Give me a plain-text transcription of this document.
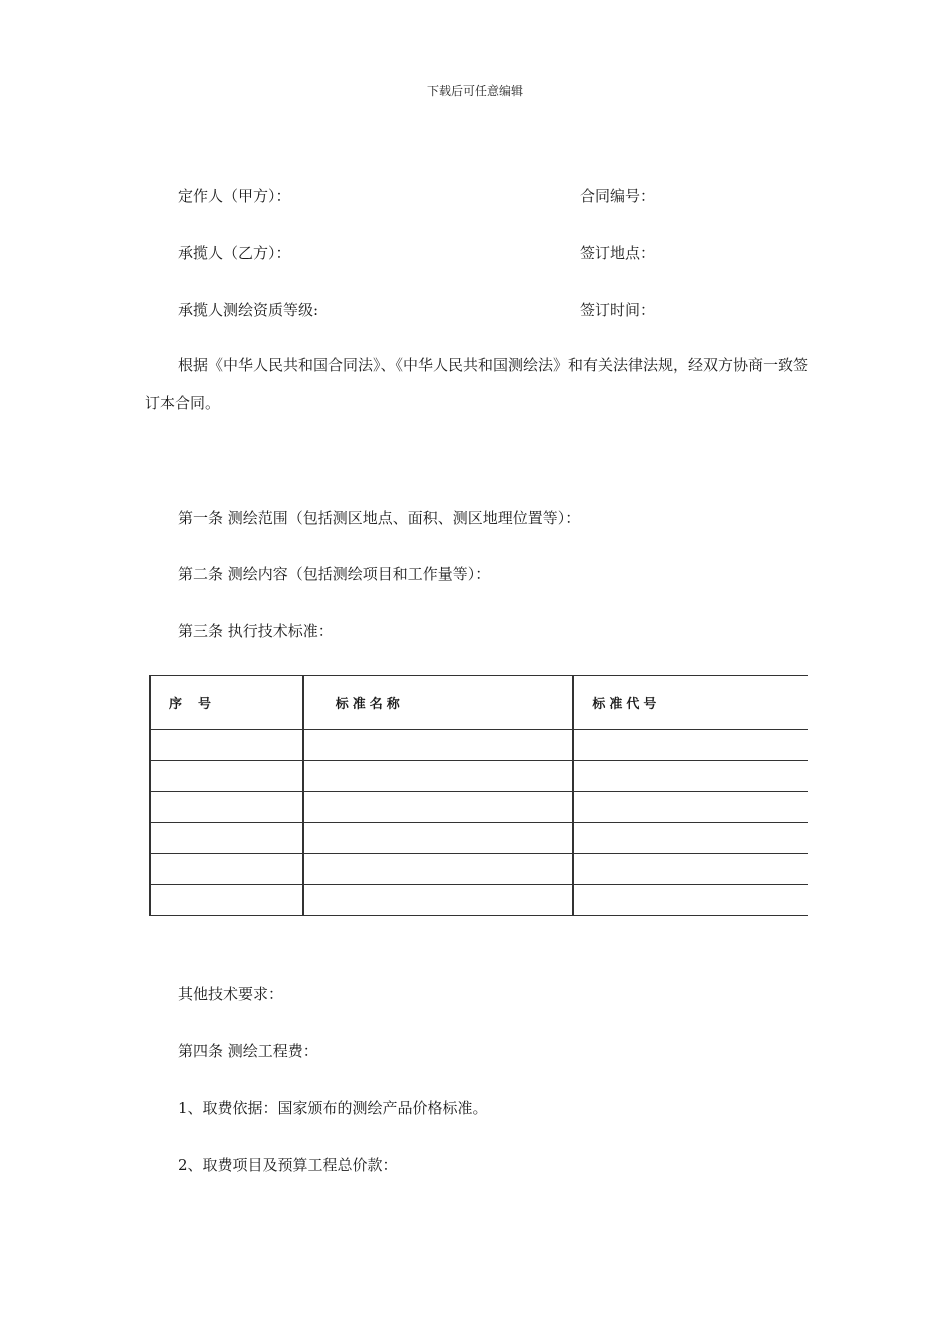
下载后可任意编辑
定作人（甲方）：	合同编号：
承揽人（乙方）：	签订地点：
承揽人测绘资质等级:	签订时间：
根据《中华人民共和国合同法》、《中华人民共和国测绘法》和有关法律法规，经双方协商一致签订本合同。
第一条 测绘范围（包括测区地点、面积、测区地理位置等）：
第二条 测绘内容（包括测绘项目和工作量等）：
第三条 执行技术标准：
序号	标准名称	标准代号

其他技术要求：
第四条 测绘工程费：
1、取费依据：国家颁布的测绘产品价格标准。
2、取费项目及预算工程总价款：
